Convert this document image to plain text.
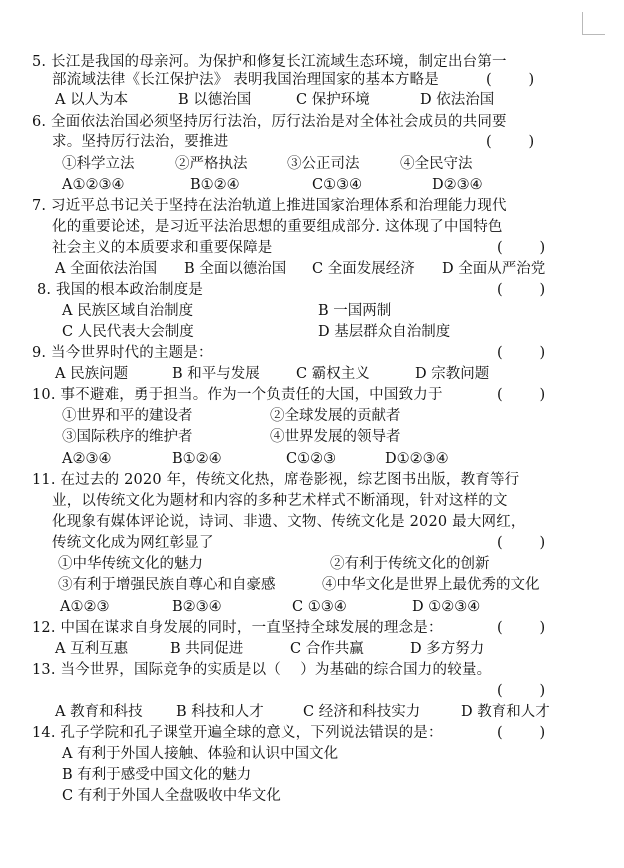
5. 长江是我国的母亲河。为保护和修复长江流域生态环境，制定出台第一
部流域法律《长江保护法》 表明我国治理国家的基本方略是	(        )
A 以人为本	B 以德治国	C 保护环境	D 依法治国
6. 全面依法治国必须坚持厉行法治，厉行法治是对全体社会成员的共同要
求。坚持厉行法治，要推进	(        )
①科学立法	②严格执法	③公正司法	④全民守法
A①②③④	B①②④	C①③④	D②③④
7. 习近平总书记关于坚持在法治轨道上推进国家治理体系和治理能力现代
化的重要论述，是习近平法治思想的重要组成部分. 这体现了中国特色
社会主义的本质要求和重要保障是	(        )
A 全面依法治国 B 全面以德治国 C 全面发展经济 D 全面从严治党
8. 我国的根本政治制度是	(        )
A 民族区域自治制度	B 一国两制
C 人民代表大会制度	D 基层群众自治制度
9. 当今世界时代的主题是：	(        )
A 民族问题	B 和平与发展 C 霸权主义	D 宗教问题
10. 事不避难，勇于担当。作为一个负责任的大国，中国致力于	(        )
①世界和平的建设者	②全球发展的贡献者
③国际秩序的维护者	④世界发展的领导者
A②③④	B①②④	C①②③	D①②③④
11. 在过去的 2020 年，传统文化热，席卷影视，综艺图书出版，教育等行
业，以传统文化为题材和内容的多种艺术样式不断涌现，针对这样的文
化现象有媒体评论说，诗词、非遗、文物、传统文化是 2020 最大网红，
传统文化成为网红彰显了	(        )
①中华传统文化的魅力	②有利于传统文化的创新
③有利于增强民族自尊心和自豪感	④中华文化是世界上最优秀的文化
A①②③	B②③④	C ①③④	D ①②③④
12. 中国在谋求自身发展的同时，一直坚持全球发展的理念是：	(        )
A 互利互惠	B 共同促进	C 合作共赢	D 多方努力
13. 当今世界，国际竞争的实质是以（    ）为基础的综合国力的较量。
(        )
A 教育和科技 B 科技和人才	C 经济和科技实力	D 教育和人才
14. 孔子学院和孔子课堂开遍全球的意义，下列说法错误的是：	(        )
A 有利于外国人接触、体验和认识中国文化
B 有利于感受中国文化的魅力
C 有利于外国人全盘吸收中华文化
